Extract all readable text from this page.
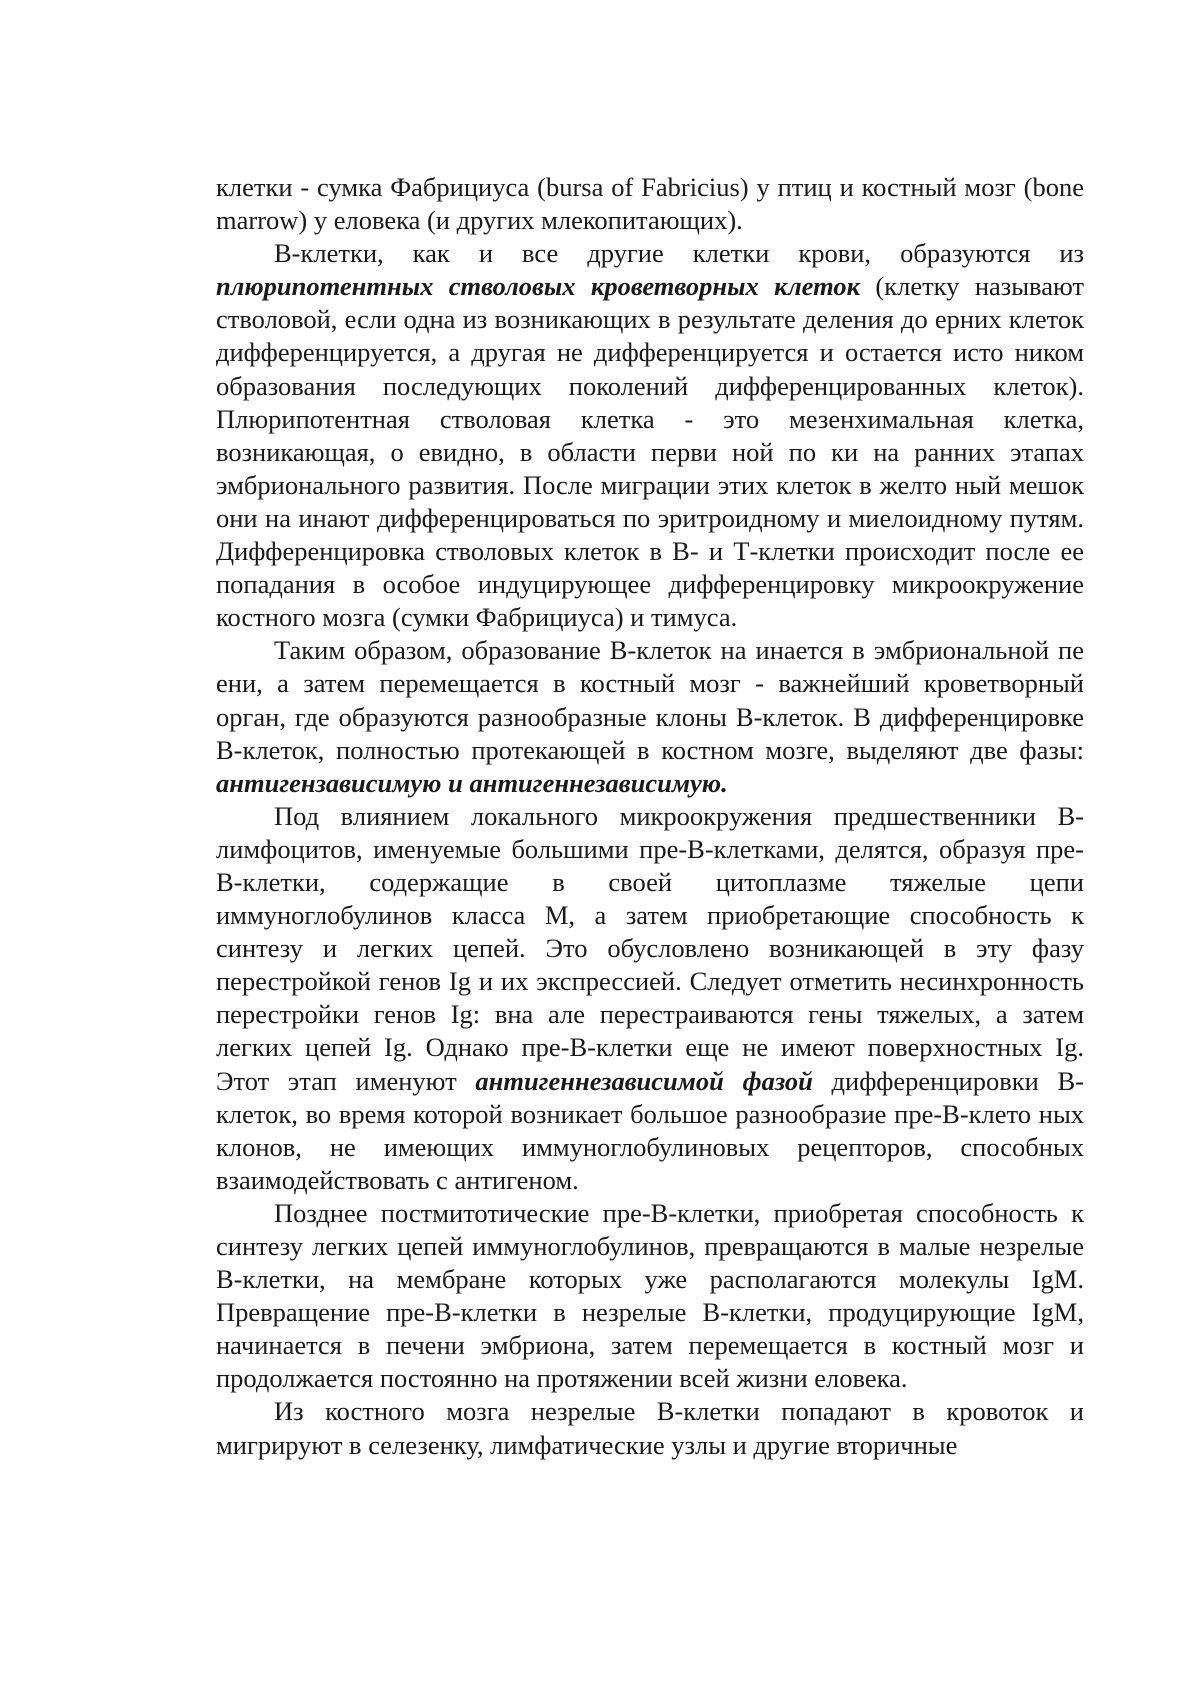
клетки - сумка Фабрициуса (bursa of Fabricius) у птиц и костный мозг (bone marrow) у еловека (и других млекопитающих).

В-клетки, как и все другие клетки крови, образуются из плюрипотентных стволовых кроветворных клеток (клетку называют стволовой, если одна из возникающих в результате деления до ерних клеток дифференцируется, а другая не дифференцируется и остается исто ником образования последующих поколений дифференцированных клеток). Плюрипотентная стволовая клетка - это мезенхимальная клетка, возникающая, о евидно, в области перви ной по ки на ранних этапах эмбрионального развития. После миграции этих клеток в желто ный мешок они на инают дифференцироваться по эритроидному и миелоидному путям. Дифференцировка стволовых клеток в В- и Т-клетки происходит после ее попадания в особое индуцирующее дифференцировку микроокружение костного мозга (сумки Фабрициуса) и тимуса.

Таким образом, образование В-клеток на инается в эмбриональной пе ени, а затем перемещается в костный мозг - важнейший кроветворный орган, где образуются разнообразные клоны В-клеток. В дифференцировке В-клеток, полностью протекающей в костном мозге, выделяют две фазы: антигензависимую и антигеннезависимую.

Под влиянием локального микроокружения предшественники В-лимфоцитов, именуемые большими пре-В-клетками, делятся, образуя пре-В-клетки, содержащие в своей цитоплазме тяжелые цепи иммуноглобулинов класса М, а затем приобретающие способность к синтезу и легких цепей. Это обусловлено возникающей в эту фазу перестройкой генов Ig и их экспрессией. Следует отметить несинхронность перестройки генов Ig: вна але перестраиваются гены тяжелых, а затем легких цепей Ig. Однако пре-В-клетки еще не имеют поверхностных Ig. Этот этап именуют антигеннезависимой фазой дифференцировки В-клеток, во время которой возникает большое разнообразие пре-В-клето ных клонов, не имеющих иммуноглобулиновых рецепторов, способных взаимодействовать с антигеном.

Позднее постмитотические пре-В-клетки, приобретая способность к синтезу легких цепей иммуноглобулинов, превращаются в малые незрелые В-клетки, на мембране которых уже располагаются молекулы IgM. Превращение пре-В-клетки в незрелые В-клетки, продуцирующие IgM, начинается в печени эмбриона, затем перемещается в костный мозг и продолжается постоянно на протяжении всей жизни еловека.

Из костного мозга незрелые В-клетки попадают в кровоток и мигрируют в селезенку, лимфатические узлы и другие вторичные
